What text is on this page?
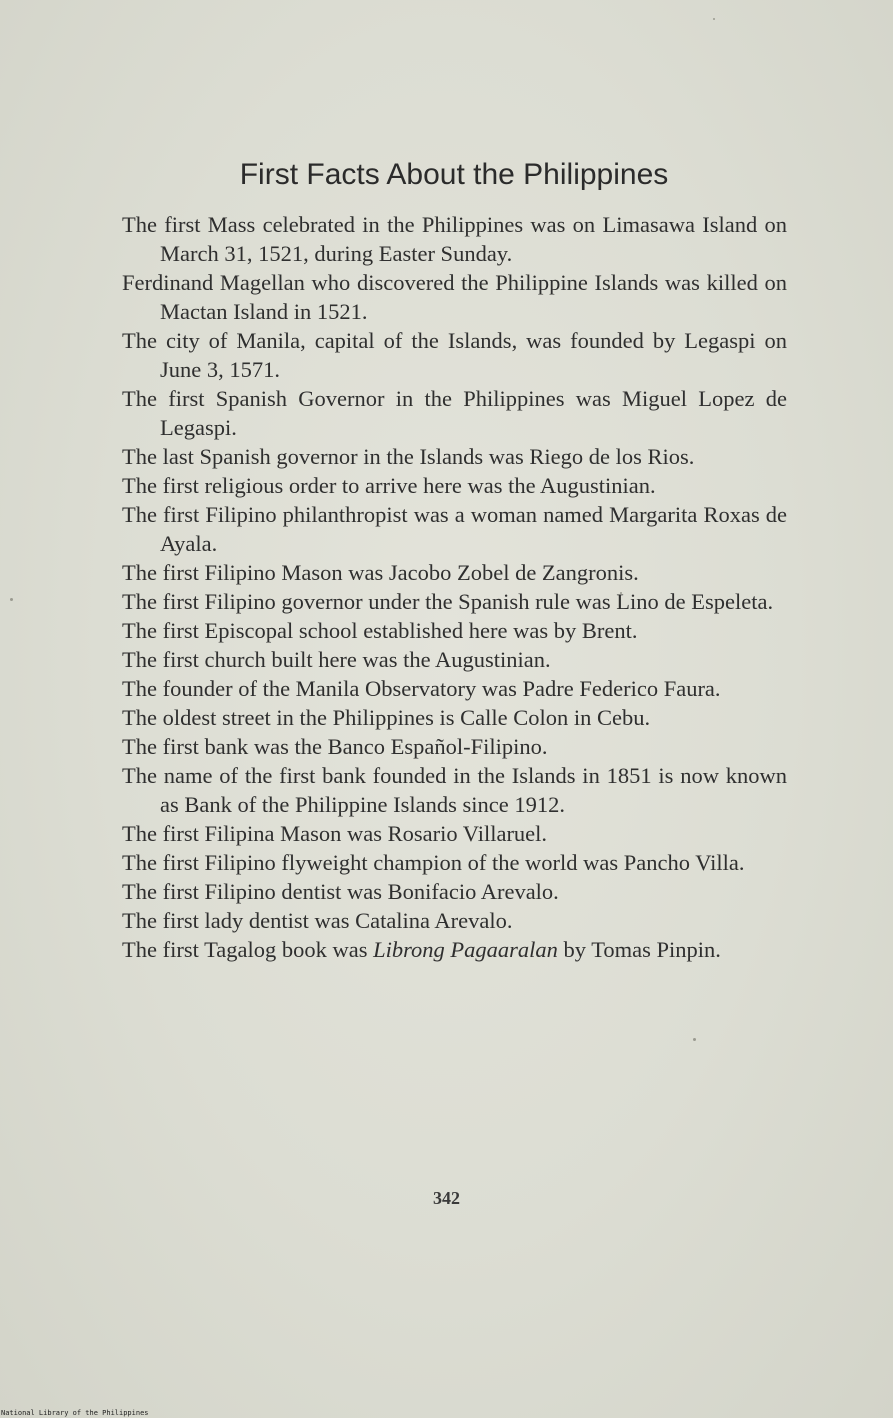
First Facts About the Philippines
The first Mass celebrated in the Philippines was on Limasawa Island on March 31, 1521, during Easter Sunday.
Ferdinand Magellan who discovered the Philippine Islands was killed on Mactan Island in 1521.
The city of Manila, capital of the Islands, was founded by Legaspi on June 3, 1571.
The first Spanish Governor in the Philippines was Miguel Lopez de Legaspi.
The last Spanish governor in the Islands was Riego de los Rios.
The first religious order to arrive here was the Augustinian.
The first Filipino philanthropist was a woman named Margarita Roxas de Ayala.
The first Filipino Mason was Jacobo Zobel de Zangronis.
The first Filipino governor under the Spanish rule was Lino de Espeleta.
The first Episcopal school established here was by Brent.
The first church built here was the Augustinian.
The founder of the Manila Observatory was Padre Federico Faura.
The oldest street in the Philippines is Calle Colon in Cebu.
The first bank was the Banco Español-Filipino.
The name of the first bank founded in the Islands in 1851 is now known as Bank of the Philippine Islands since 1912.
The first Filipina Mason was Rosario Villaruel.
The first Filipino flyweight champion of the world was Pancho Villa.
The first Filipino dentist was Bonifacio Arevalo.
The first lady dentist was Catalina Arevalo.
The first Tagalog book was Librong Pagaaralan by Tomas Pinpin.
342
National Library of the Philippines
